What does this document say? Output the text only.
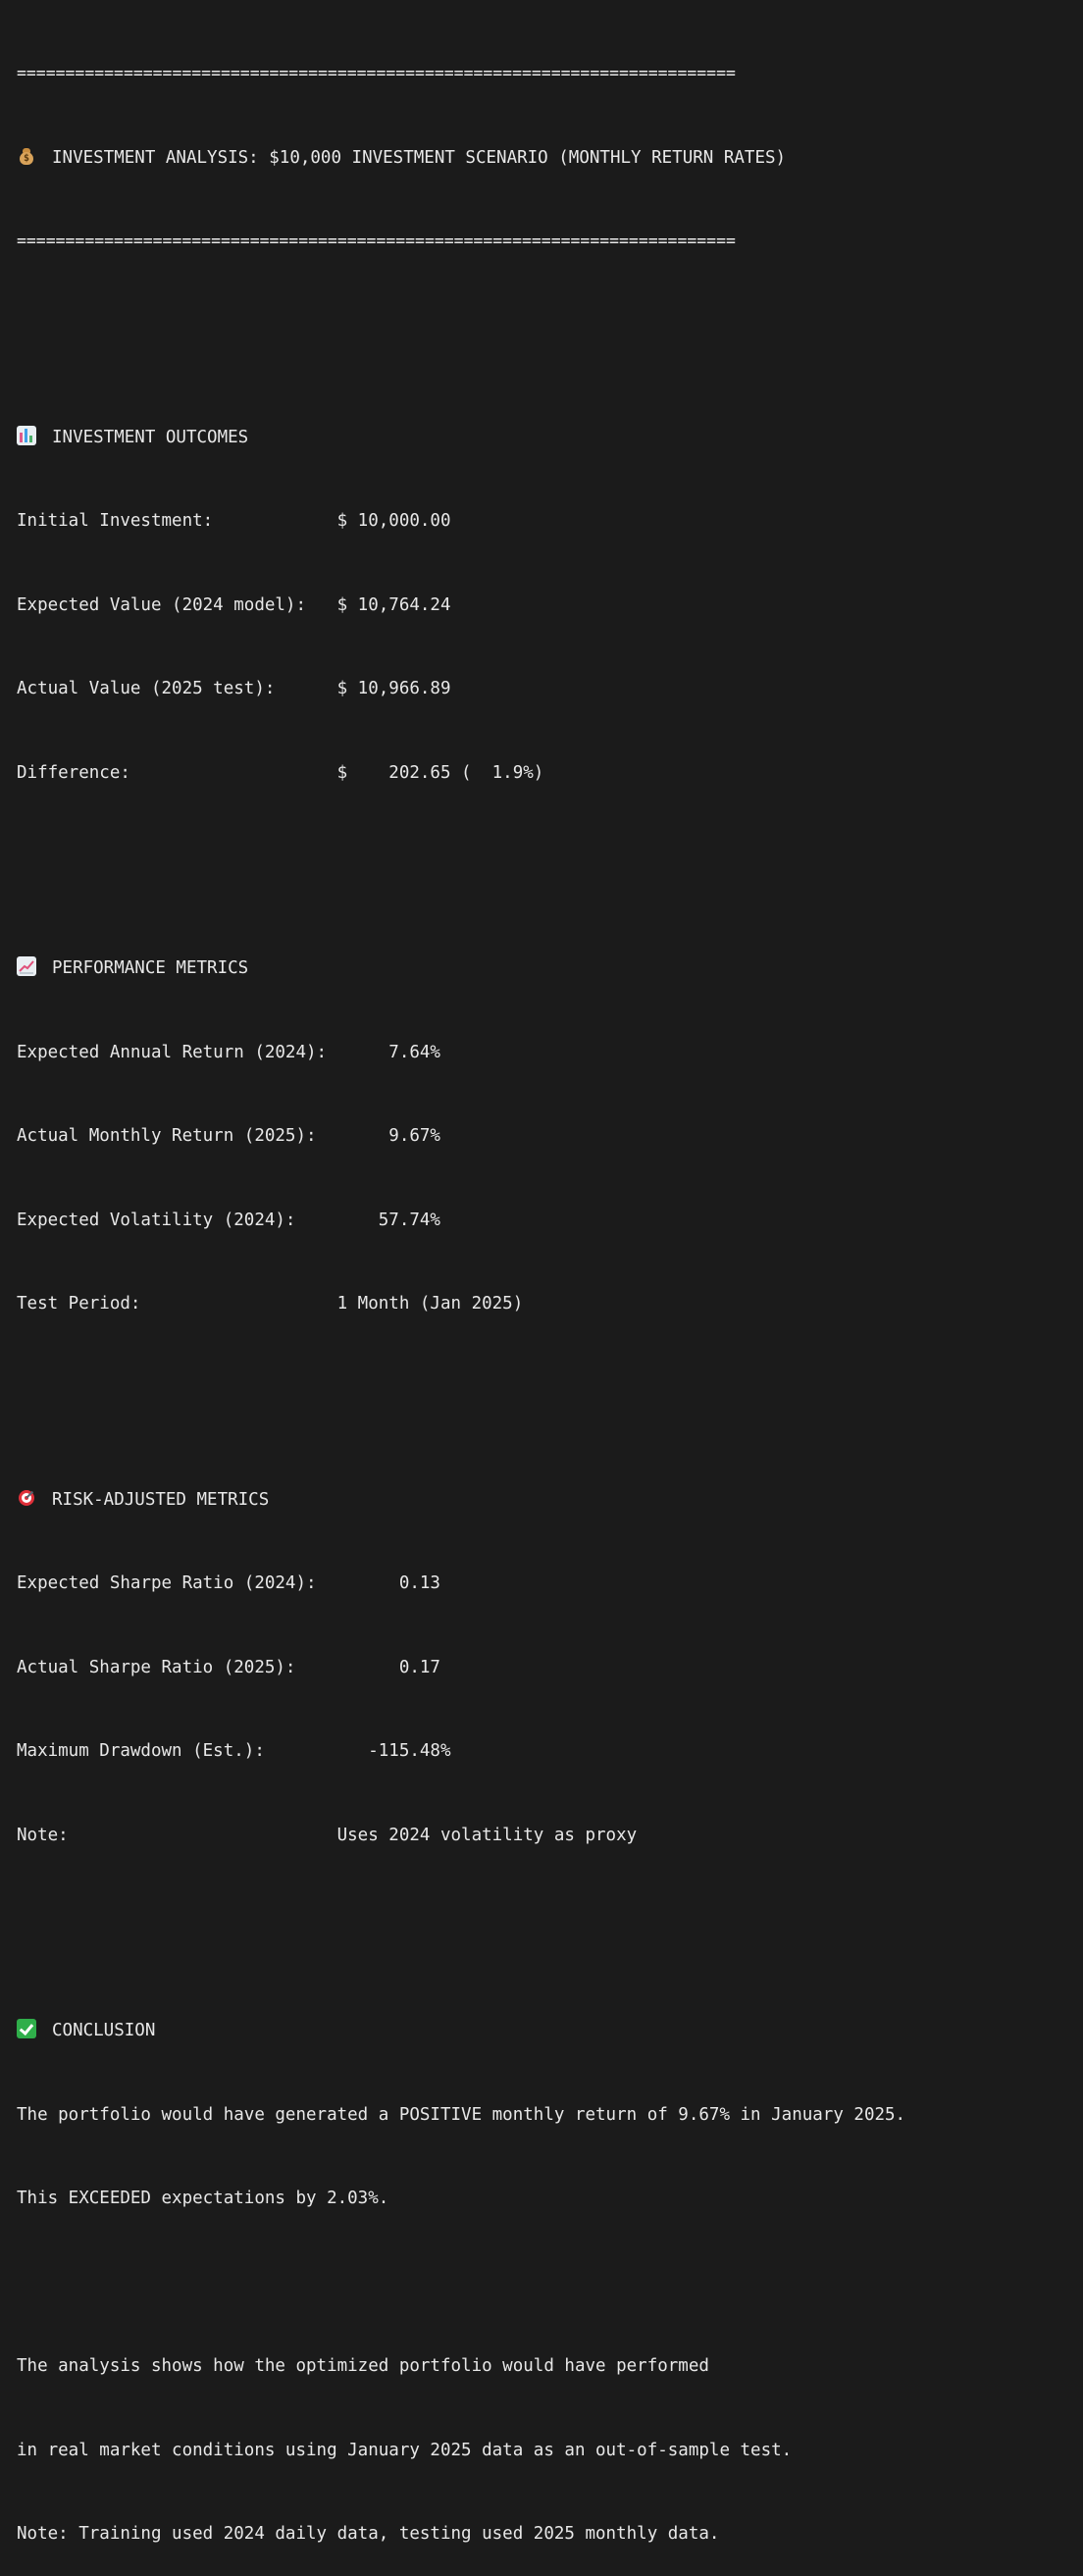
==========================================================================

$	INVESTMENT ANALYSIS: $10,000 INVESTMENT SCENARIO (MONTHLY RETURN RATES)

==========================================================================

INVESTMENT OUTCOMES

Initial Investment:            $ 10,000.00

Expected Value (2024 model):   $ 10,764.24

Actual Value (2025 test):      $ 10,966.89

Difference:                    $    202.65 (  1.9%)

PERFORMANCE METRICS

Expected Annual Return (2024):      7.64%

Actual Monthly Return (2025):       9.67%

Expected Volatility (2024):        57.74%

Test Period:                   1 Month (Jan 2025)

RISK-ADJUSTED METRICS

Expected Sharpe Ratio (2024):        0.13

Actual Sharpe Ratio (2025):          0.17

Maximum Drawdown (Est.):          -115.48%

Note:                          Uses 2024 volatility as proxy

CONCLUSION

The portfolio would have generated a POSITIVE monthly return of 9.67% in January 2025.

This EXCEEDED expectations by 2.03%.

The analysis shows how the optimized portfolio would have performed

in real market conditions using January 2025 data as an out-of-sample test.

Note: Training used 2024 daily data, testing used 2025 monthly data.
